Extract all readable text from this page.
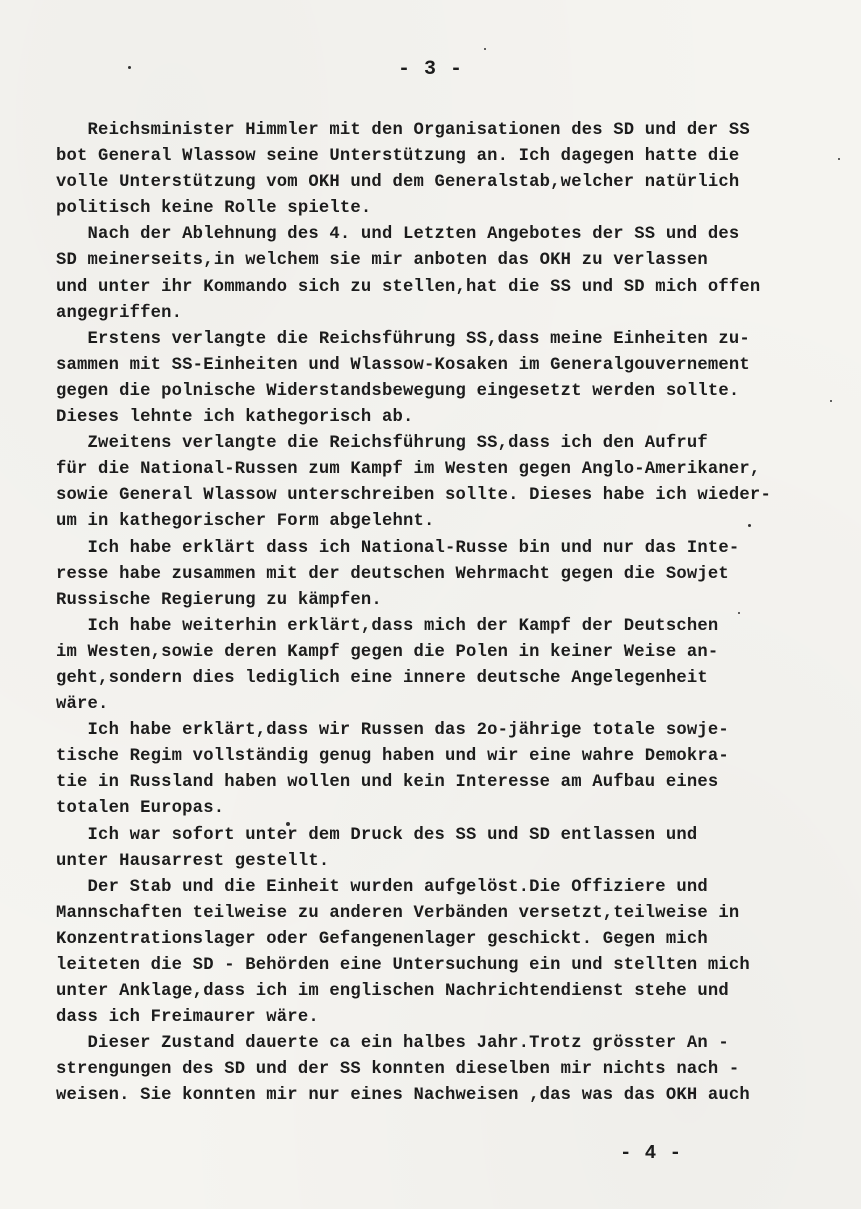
- 3 -
Reichsminister Himmler mit den Organisationen des SD und der SS
bot General Wlassow seine Unterstützung an. Ich dagegen hatte die
volle Unterstützung vom OKH und dem Generalstab,welcher natürlich
politisch keine Rolle spielte.
Nach der Ablehnung des 4. und Letzten Angebotes der SS und des
SD meinerseits,in welchem sie mir anboten das OKH zu verlassen
und unter ihr Kommando sich zu stellen,hat die SS und SD mich offen
angegriffen.
Erstens verlangte die Reichsführung SS,dass meine Einheiten zu-
sammen mit SS-Einheiten und Wlassow-Kosaken im Generalgouvernement
gegen die polnische Widerstandsbewegung eingesetzt werden sollte.
Dieses lehnte ich kathegorisch ab.
Zweitens verlangte die Reichsführung SS,dass ich den Aufruf
für die National-Russen zum Kampf im Westen gegen Anglo-Amerikaner,
sowie General Wlassow unterschreiben sollte. Dieses habe ich wieder-
um in kathegorischer Form abgelehnt.
Ich habe erklärt dass ich National-Russe bin und nur das Inte-
resse habe zusammen mit der deutschen Wehrmacht gegen die Sowjet
Russische Regierung zu kämpfen.
Ich habe weiterhin erklärt,dass mich der Kampf der Deutschen
im Westen,sowie deren Kampf gegen die Polen in keiner Weise an-
geht,sondern dies lediglich eine innere deutsche Angelegenheit
wäre.
Ich habe erklärt,dass wir Russen das 2o-jährige totale sowje-
tische Regim vollständig genug haben und wir eine wahre Demokra-
tie in Russland haben wollen und kein Interesse am Aufbau eines
totalen Europas.
Ich war sofort unter dem Druck des SS und SD entlassen und
unter Hausarrest gestellt.
Der Stab und die Einheit wurden aufgelöst.Die Offiziere und
Mannschaften teilweise zu anderen Verbänden versetzt,teilweise in
Konzentrationslager oder Gefangenenlager geschickt. Gegen mich
leiteten die SD - Behörden eine Untersuchung ein und stellten mich
unter Anklage,dass ich im englischen Nachrichtendienst stehe und
dass ich Freimaurer wäre.
Dieser Zustand dauerte ca ein halbes Jahr.Trotz grösster An -
strengungen des SD und der SS konnten dieselben mir nichts nach -
weisen. Sie konnten mir nur eines Nachweisen ,das was das OKH auch
- 4 -
